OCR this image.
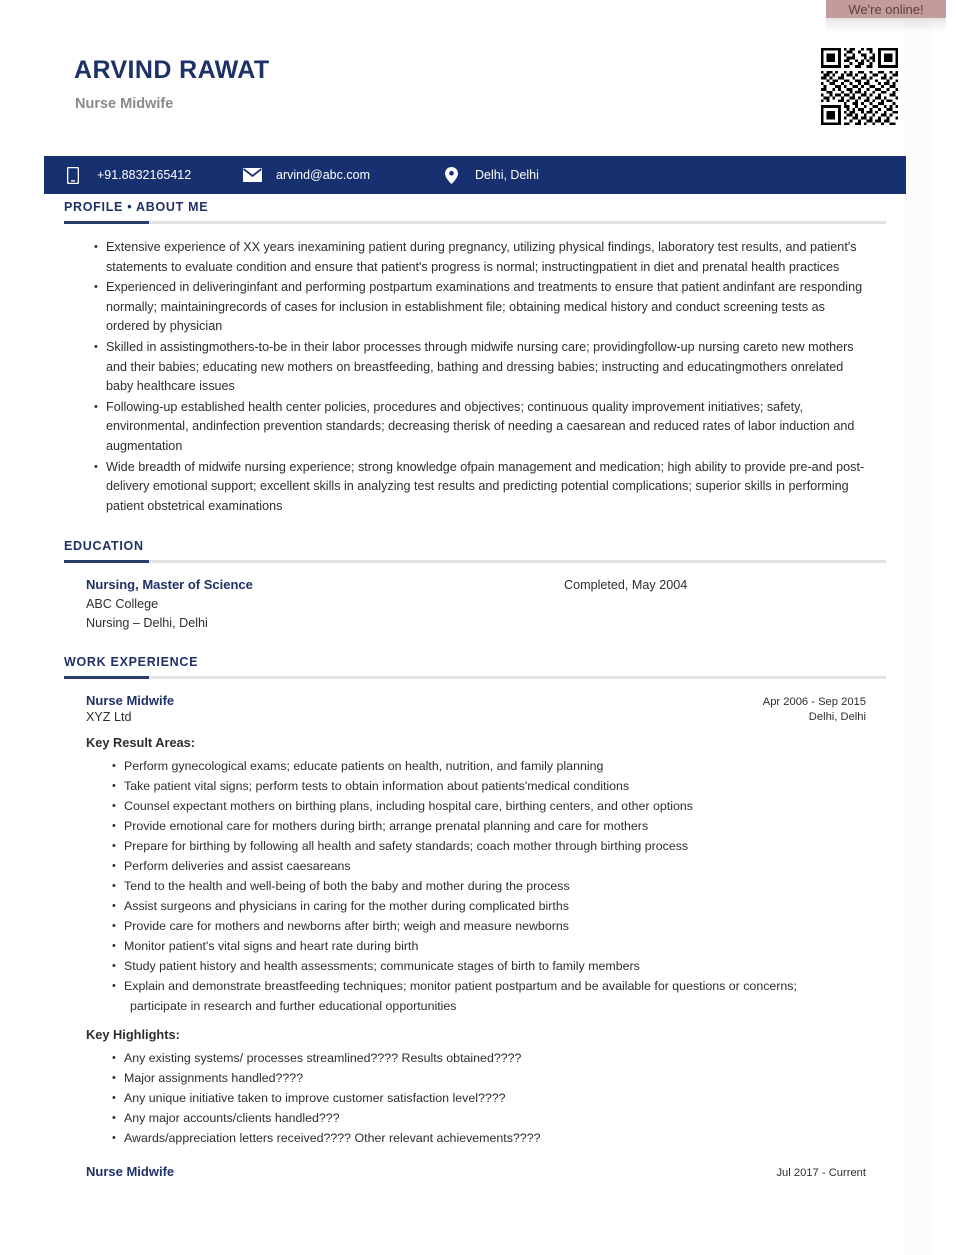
ARVIND RAWAT
Nurse Midwife
+91.8832165412	arvind@abc.com	Delhi, Delhi
PROFILE • ABOUT ME
• Extensive experience of XX years inexamining patient during pregnancy, utilizing physical findings, laboratory test results, and patient's statements to evaluate condition and ensure that patient's progress is normal; instructingpatient in diet and prenatal health practices
• Experienced in deliveringinfant and performing postpartum examinations and treatments to ensure that patient andinfant are responding normally; maintainingrecords of cases for inclusion in establishment file; obtaining medical history and conduct screening tests as ordered by physician
• Skilled in assistingmothers-to-be in their labor processes through midwife nursing care; providingfollow-up nursing careto new mothers and their babies; educating new mothers on breastfeeding, bathing and dressing babies; instructing and educatingmothers onrelated baby healthcare issues
• Following-up established health center policies, procedures and objectives; continuous quality improvement initiatives; safety, environmental, andinfection prevention standards; decreasing therisk of needing a caesarean and reduced rates of labor induction and augmentation
• Wide breadth of midwife nursing experience; strong knowledge ofpain management and medication; high ability to provide pre-and post-delivery emotional support; excellent skills in analyzing test results and predicting potential complications; superior skills in performing patient obstetrical examinations
EDUCATION
Nursing, Master of Science
ABC College
Nursing – Delhi, Delhi
Completed, May 2004
WORK EXPERIENCE
Nurse Midwife
XYZ Ltd
Apr 2006 - Sep 2015
Delhi, Delhi
Key Result Areas:
• Perform gynecological exams; educate patients on health, nutrition, and family planning
• Take patient vital signs; perform tests to obtain information about patients'medical conditions
• Counsel expectant mothers on birthing plans, including hospital care, birthing centers, and other options
• Provide emotional care for mothers during birth; arrange prenatal planning and care for mothers
• Prepare for birthing by following all health and safety standards; coach mother through birthing process
• Perform deliveries and assist caesareans
• Tend to the health and well-being of both the baby and mother during the process
• Assist surgeons and physicians in caring for the mother during complicated births
• Provide care for mothers and newborns after birth; weigh and measure newborns
• Monitor patient's vital signs and heart rate during birth
• Study patient history and health assessments; communicate stages of birth to family members
• Explain and demonstrate breastfeeding techniques; monitor patient postpartum and be available for questions or concerns;
participate in research and further educational opportunities
Key Highlights:
• Any existing systems/ processes streamlined???? Results obtained????
• Major assignments handled????
• Any unique initiative taken to improve customer satisfaction level????
• Any major accounts/clients handled???
• Awards/appreciation letters received???? Other relevant achievements????
Nurse Midwife	Jul 2017 - Current
We're online!
